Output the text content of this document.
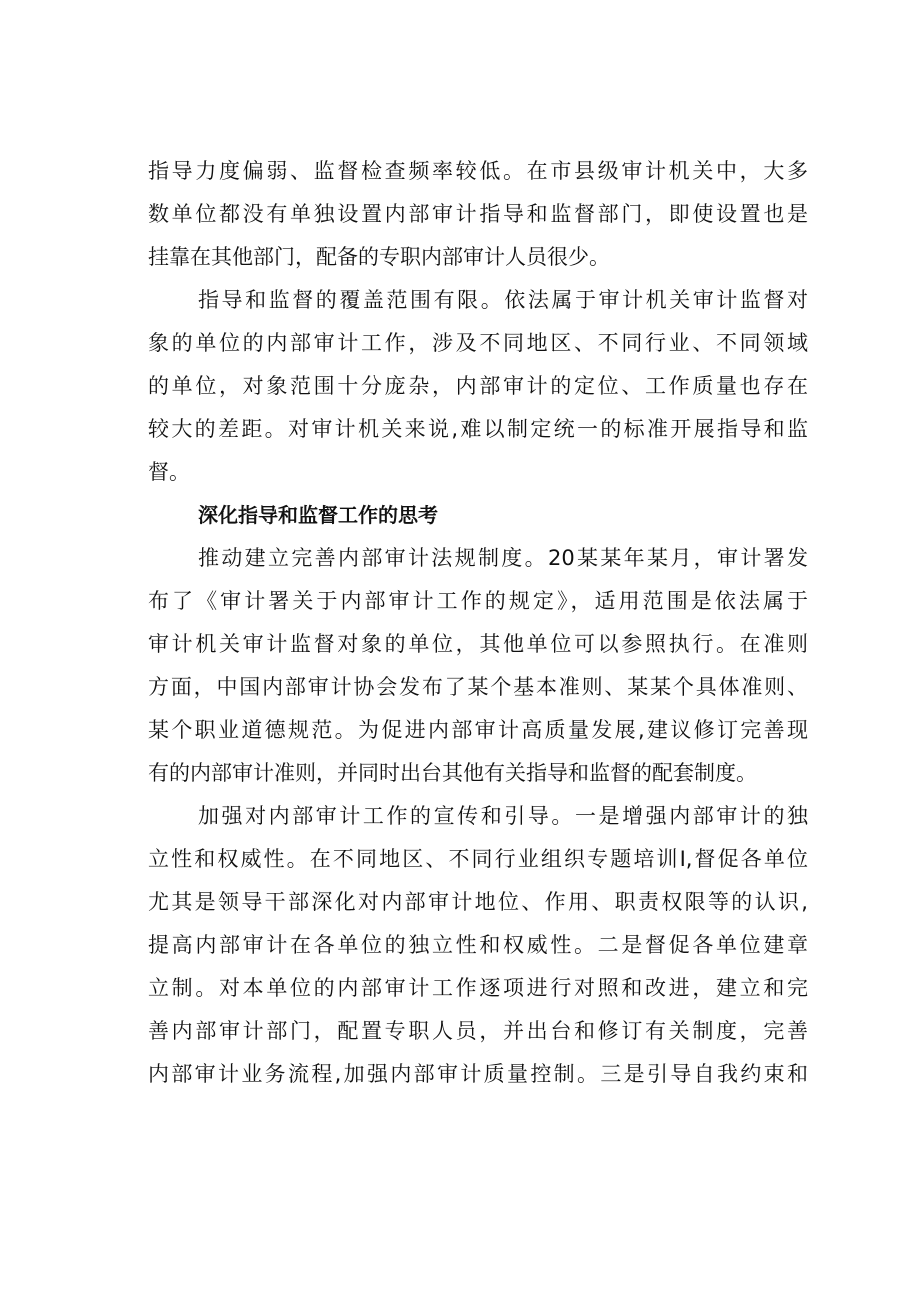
指导力度偏弱、监督检查频率较低。在市县级审计机关中，大多
数单位都没有单独设置内部审计指导和监督部门，即使设置也是
挂靠在其他部门，配备的专职内部审计人员很少。
指导和监督的覆盖范围有限。依法属于审计机关审计监督对
象的单位的内部审计工作，涉及不同地区、不同行业、不同领域
的单位，对象范围十分庞杂，内部审计的定位、工作质量也存在
较大的差距。对审计机关来说,难以制定统一的标准开展指导和监
督。
深化指导和监督工作的思考
推动建立完善内部审计法规制度。20某某年某月，审计署发
布了《审计署关于内部审计工作的规定》，适用范围是依法属于
审计机关审计监督对象的单位，其他单位可以参照执行。在准则
方面，中国内部审计协会发布了某个基本准则、某某个具体准则、
某个职业道德规范。为促进内部审计高质量发展,建议修订完善现
有的内部审计准则，并同时出台其他有关指导和监督的配套制度。
加强对内部审计工作的宣传和引导。一是增强内部审计的独
立性和权威性。在不同地区、不同行业组织专题培训I,督促各单位
尤其是领导干部深化对内部审计地位、作用、职责权限等的认识,
提高内部审计在各单位的独立性和权威性。二是督促各单位建章
立制。对本单位的内部审计工作逐项进行对照和改进，建立和完
善内部审计部门，配置专职人员，并出台和修订有关制度，完善
内部审计业务流程,加强内部审计质量控制。三是引导自我约束和
